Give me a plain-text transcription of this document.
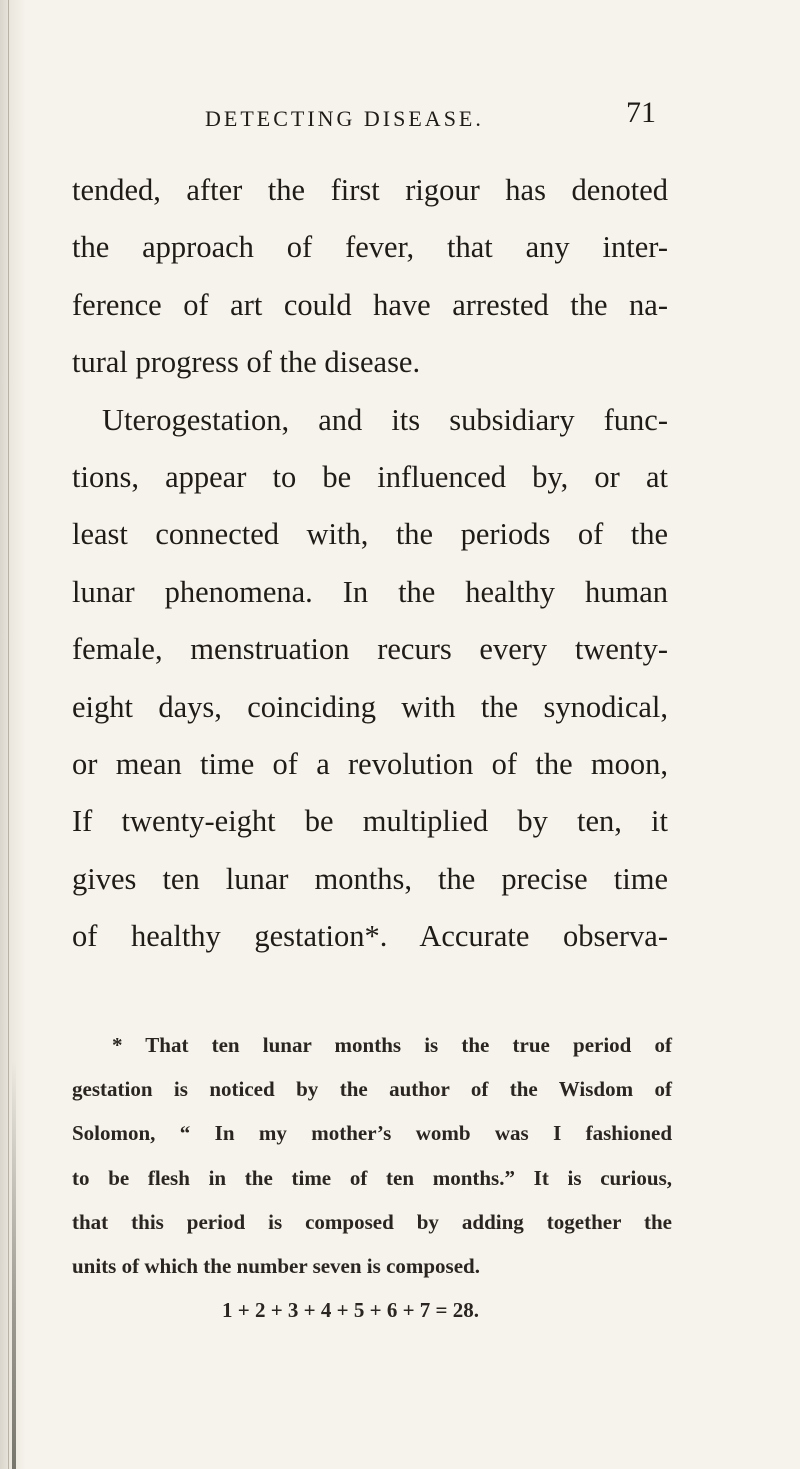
DETECTING DISEASE.	71
tended, after the first rigour has denoted
the approach of fever, that any inter-
ference of art could have arrested the na-
tural progress of the disease.
Uterogestation, and its subsidiary func-
tions, appear to be influenced by, or at
least connected with, the periods of the
lunar phenomena. In the healthy human
female, menstruation recurs every twenty-
eight days, coinciding with the synodical,
or mean time of a revolution of the moon,
If twenty-eight be multiplied by ten, it
gives ten lunar months, the precise time
of healthy gestation*. Accurate observa-
* That ten lunar months is the true period of
gestation is noticed by the author of the Wisdom of
Solomon, “ In my mother’s womb was I fashioned
to be flesh in the time of ten months.” It is curious,
that this period is composed by adding together the
units of which the number seven is composed.
1 + 2 + 3 + 4 + 5 + 6 + 7 = 28.
